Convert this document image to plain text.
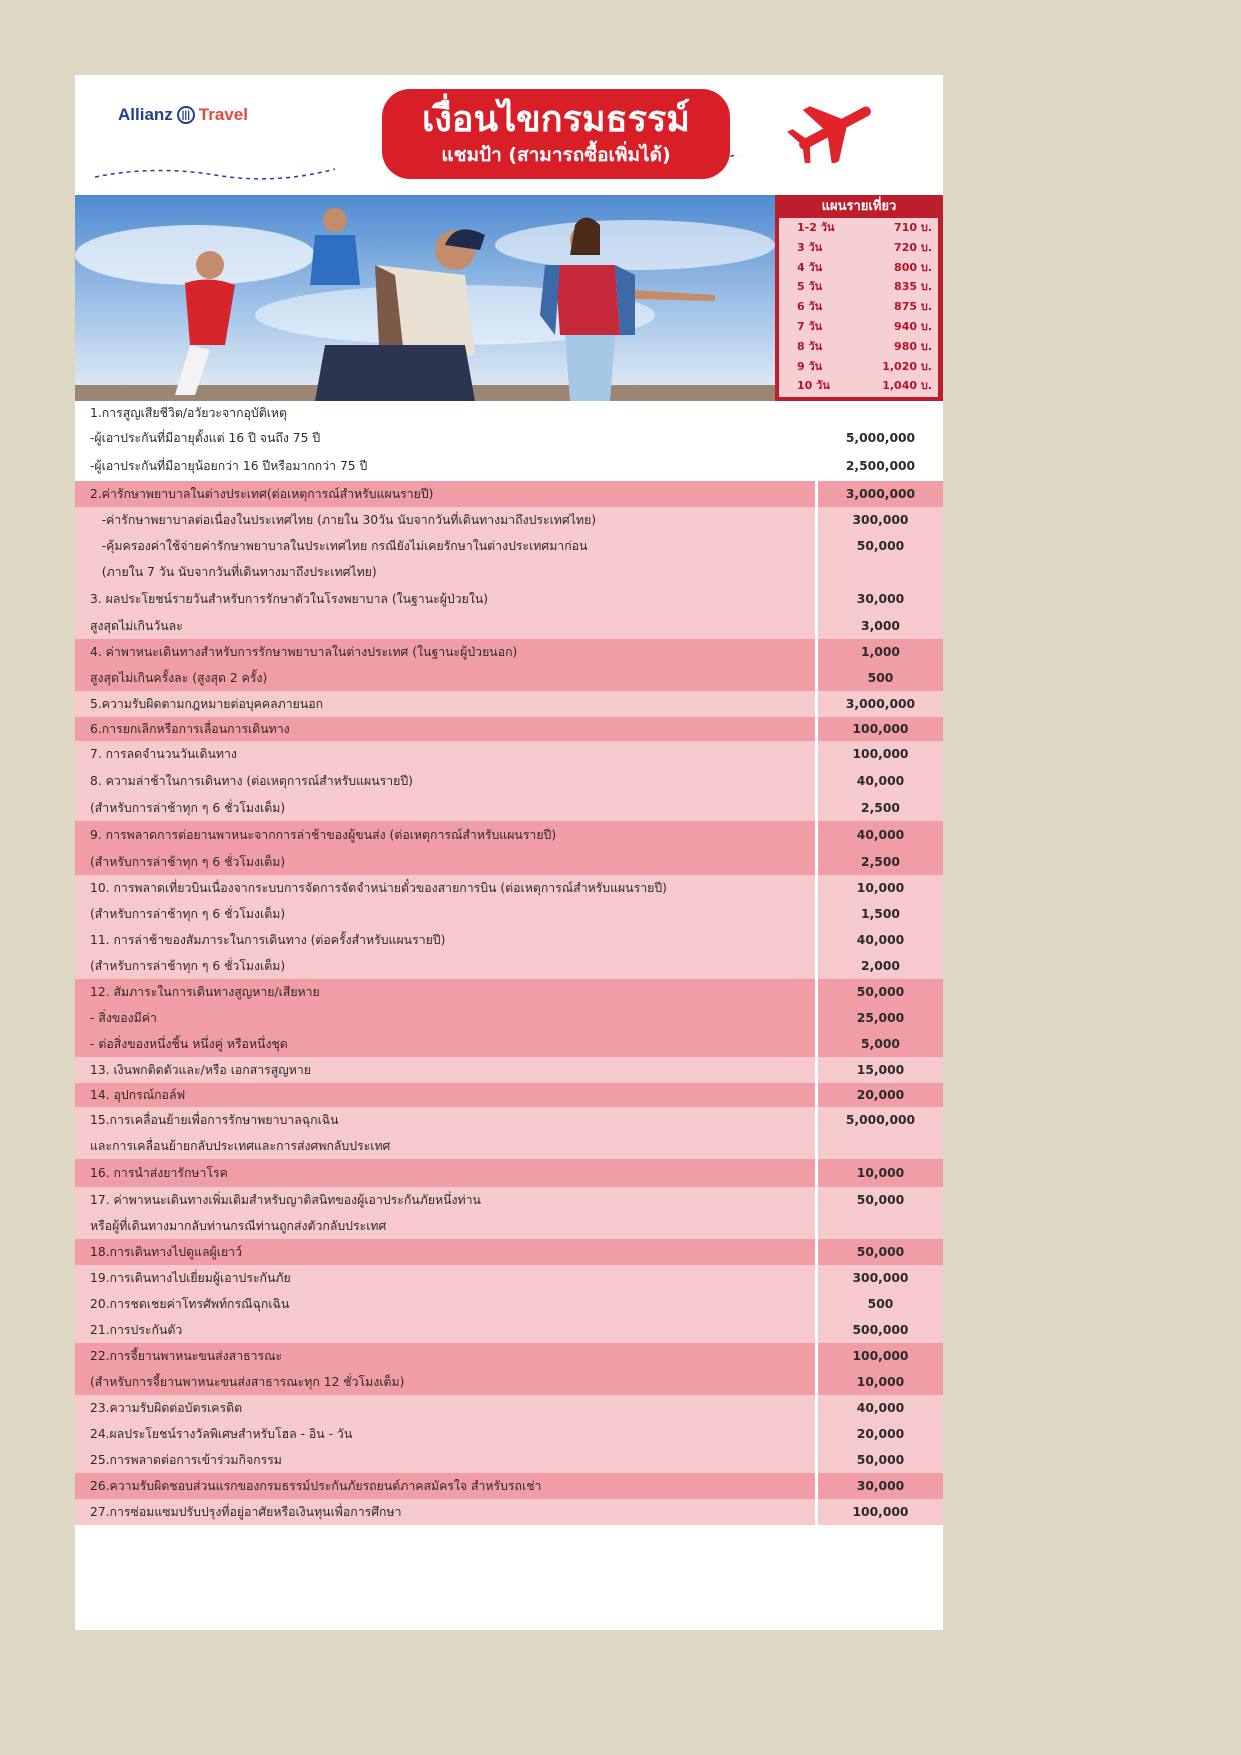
Allianz ||| Travel	เงื่อนไขกรมธรรม์
แชมป้า (สามารถซื้อเพิ่มได้)
แผนรายเที่ยว
1-2 วัน	710 บ.
3 วัน	720 บ.
4 วัน	800 บ.
5 วัน	835 บ.
6 วัน	875 บ.
7 วัน	940 บ.
8 วัน	980 บ.
9 วัน	1,020 บ.
10 วัน	1,040 บ.
1.การสูญเสียชีวิต/อวัยวะจากอุบัติเหตุ
-ผู้เอาประกันที่มีอายุตั้งแต่ 16 ปี จนถึง 75 ปี	5,000,000
-ผู้เอาประกันที่มีอายุน้อยกว่า 16 ปีหรือมากกว่า 75 ปี	2,500,000
2.ค่ารักษาพยาบาลในต่างประเทศ(ต่อเหตุการณ์สำหรับแผนรายปี)	3,000,000
-ค่ารักษาพยาบาลต่อเนื่องในประเทศไทย (ภายใน 30วัน นับจากวันที่เดินทางมาถึงประเทศไทย)	300,000
-คุ้มครองค่าใช้จ่ายค่ารักษาพยาบาลในประเทศไทย กรณียังไม่เคยรักษาในต่างประเทศมาก่อน	50,000
(ภายใน 7 วัน นับจากวันที่เดินทางมาถึงประเทศไทย)
3. ผลประโยชน์รายวันสำหรับการรักษาตัวในโรงพยาบาล (ในฐานะผู้ป่วยใน)	30,000
สูงสุดไม่เกินวันละ	3,000
4. ค่าพาหนะเดินทางสำหรับการรักษาพยาบาลในต่างประเทศ (ในฐานะผู้ป่วยนอก)	1,000
สูงสุดไม่เกินครั้งละ (สูงสุด 2 ครั้ง)	500
5.ความรับผิดตามกฎหมายต่อบุคคลภายนอก	3,000,000
6.การยกเลิกหรือการเลื่อนการเดินทาง	100,000
7. การลดจำนวนวันเดินทาง	100,000
8. ความล่าช้าในการเดินทาง (ต่อเหตุการณ์สำหรับแผนรายปี)	40,000
(สำหรับการล่าช้าทุก ๆ 6 ชั่วโมงเต็ม)	2,500
9. การพลาดการต่อยานพาหนะจากการล่าช้าของผู้ขนส่ง (ต่อเหตุการณ์สำหรับแผนรายปี)	40,000
(สำหรับการล่าช้าทุก ๆ 6 ชั่วโมงเต็ม)	2,500
10. การพลาดเที่ยวบินเนื่องจากระบบการจัดการจัดจำหน่ายตั๋วของสายการบิน (ต่อเหตุการณ์สำหรับแผนรายปี)	10,000
(สำหรับการล่าช้าทุก ๆ 6 ชั่วโมงเต็ม)	1,500
11. การล่าช้าของสัมภาระในการเดินทาง (ต่อครั้งสำหรับแผนรายปี)	40,000
(สำหรับการล่าช้าทุก ๆ 6 ชั่วโมงเต็ม)	2,000
12. สัมภาระในการเดินทางสูญหาย/เสียหาย	50,000
- สิ่งของมีค่า	25,000
- ต่อสิ่งของหนึ่งชิ้น หนึ่งคู่ หรือหนึ่งชุด	5,000
13. เงินพกติดตัวและ/หรือ เอกสารสูญหาย	15,000
14. อุปกรณ์กอล์ฟ	20,000
15.การเคลื่อนย้ายเพื่อการรักษาพยาบาลฉุกเฉิน	5,000,000
และการเคลื่อนย้ายกลับประเทศและการส่งศพกลับประเทศ
16. การนำส่งยารักษาโรค	10,000
17. ค่าพาหนะเดินทางเพิ่มเติมสำหรับญาติสนิทของผู้เอาประกันภัยหนึ่งท่าน	50,000
หรือผู้ที่เดินทางมากลับท่านกรณีท่านถูกส่งตัวกลับประเทศ
18.การเดินทางไปดูแลผู้เยาว์	50,000
19.การเดินทางไปเยี่ยมผู้เอาประกันภัย	300,000
20.การชดเชยค่าโทรศัพท์กรณีฉุกเฉิน	500
21.การประกันตัว	500,000
22.การจี้ยานพาหนะขนส่งสาธารณะ	100,000
(สำหรับการจี้ยานพาหนะขนส่งสาธารณะทุก 12 ชั่วโมงเต็ม)	10,000
23.ความรับผิดต่อบัตรเครดิต	40,000
24.ผลประโยชน์รางวัลพิเศษสำหรับโฮล - อิน - วัน	20,000
25.การพลาดต่อการเข้าร่วมกิจกรรม	50,000
26.ความรับผิดชอบส่วนแรกของกรมธรรม์ประกันภัยรถยนต์ภาคสมัครใจ สำหรับรถเช่า	30,000
27.การซ่อมแซมปรับปรุงที่อยู่อาศัยหรือเงินทุนเพื่อการศึกษา	100,000
